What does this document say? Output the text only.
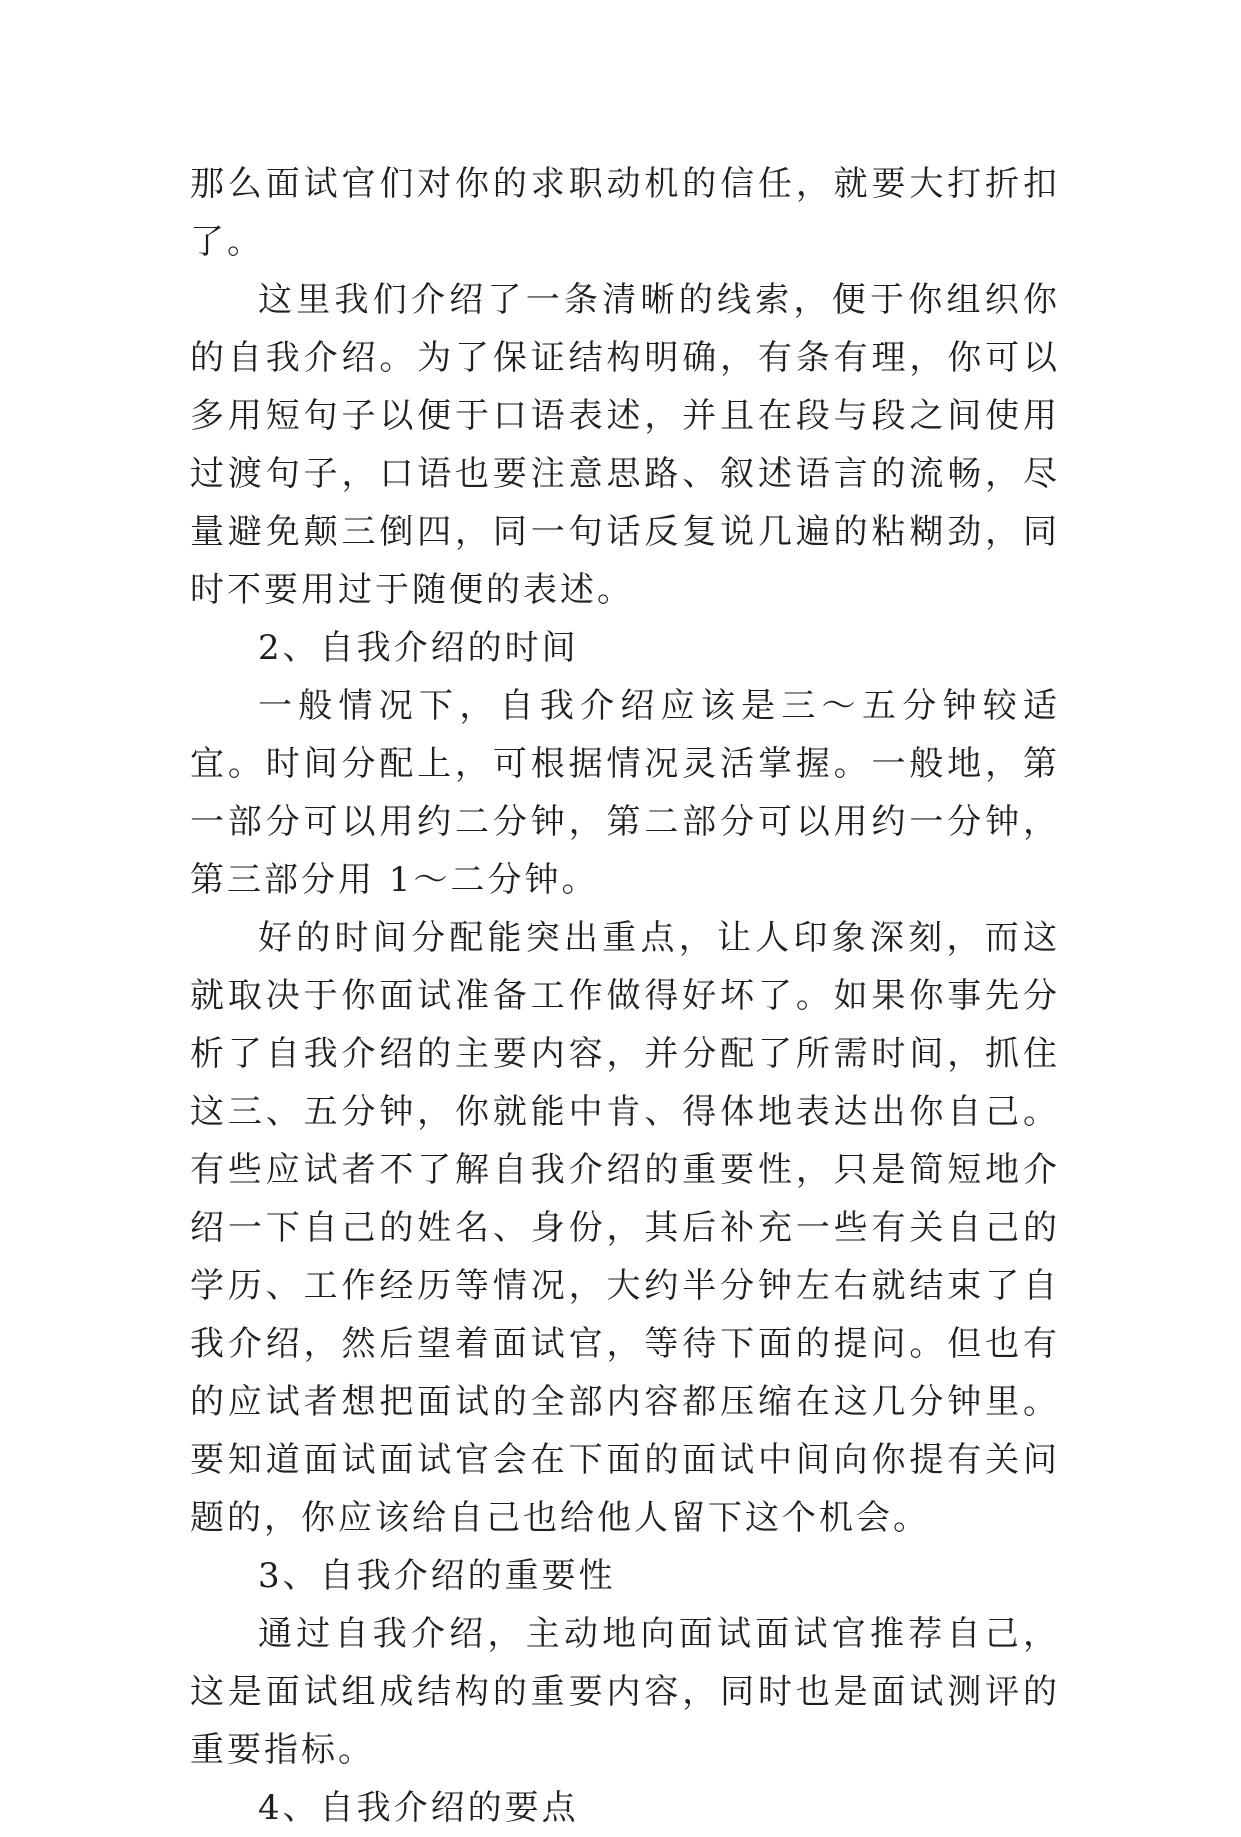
那么面试官们对你的求职动机的信任，就要大打折扣了。

这里我们介绍了一条清晰的线索，便于你组织你的自我介绍。为了保证结构明确，有条有理，你可以多用短句子以便于口语表述，并且在段与段之间使用过渡句子，口语也要注意思路、叙述语言的流畅，尽量避免颠三倒四，同一句话反复说几遍的粘糊劲，同时不要用过于随便的表述。

2、自我介绍的时间

一般情况下，自我介绍应该是三～五分钟较适宜。时间分配上，可根据情况灵活掌握。一般地，第一部分可以用约二分钟，第二部分可以用约一分钟，第三部分用 1～二分钟。

好的时间分配能突出重点，让人印象深刻，而这就取决于你面试准备工作做得好坏了。如果你事先分析了自我介绍的主要内容，并分配了所需时间，抓住这三、五分钟，你就能中肯、得体地表达出你自己。有些应试者不了解自我介绍的重要性，只是简短地介绍一下自己的姓名、身份，其后补充一些有关自己的学历、工作经历等情况，大约半分钟左右就结束了自我介绍，然后望着面试官，等待下面的提问。但也有的应试者想把面试的全部内容都压缩在这几分钟里。要知道面试面试官会在下面的面试中间向你提有关问题的，你应该给自己也给他人留下这个机会。

3、自我介绍的重要性

通过自我介绍，主动地向面试面试官推荐自己，这是面试组成结构的重要内容，同时也是面试测评的重要指标。

4、自我介绍的要点
